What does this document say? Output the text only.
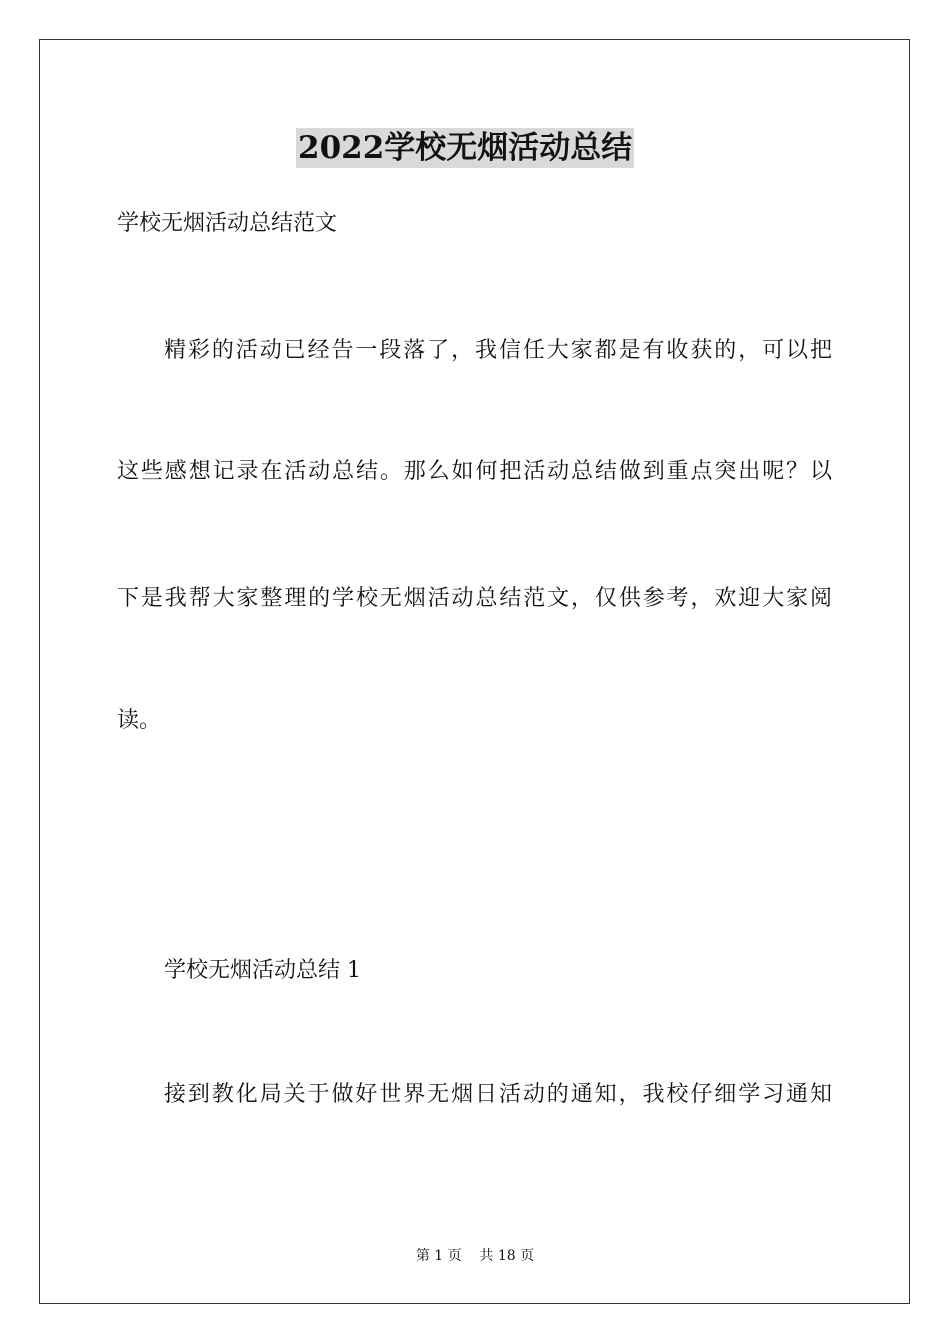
2022学校无烟活动总结
学校无烟活动总结范文
精彩的活动已经告一段落了，我信任大家都是有收获的，可以把
这些感想记录在活动总结。那么如何把活动总结做到重点突出呢？以
下是我帮大家整理的学校无烟活动总结范文，仅供参考，欢迎大家阅
读。
学校无烟活动总结 1
接到教化局关于做好世界无烟日活动的通知，我校仔细学习通知
第 1 页    共 18 页
